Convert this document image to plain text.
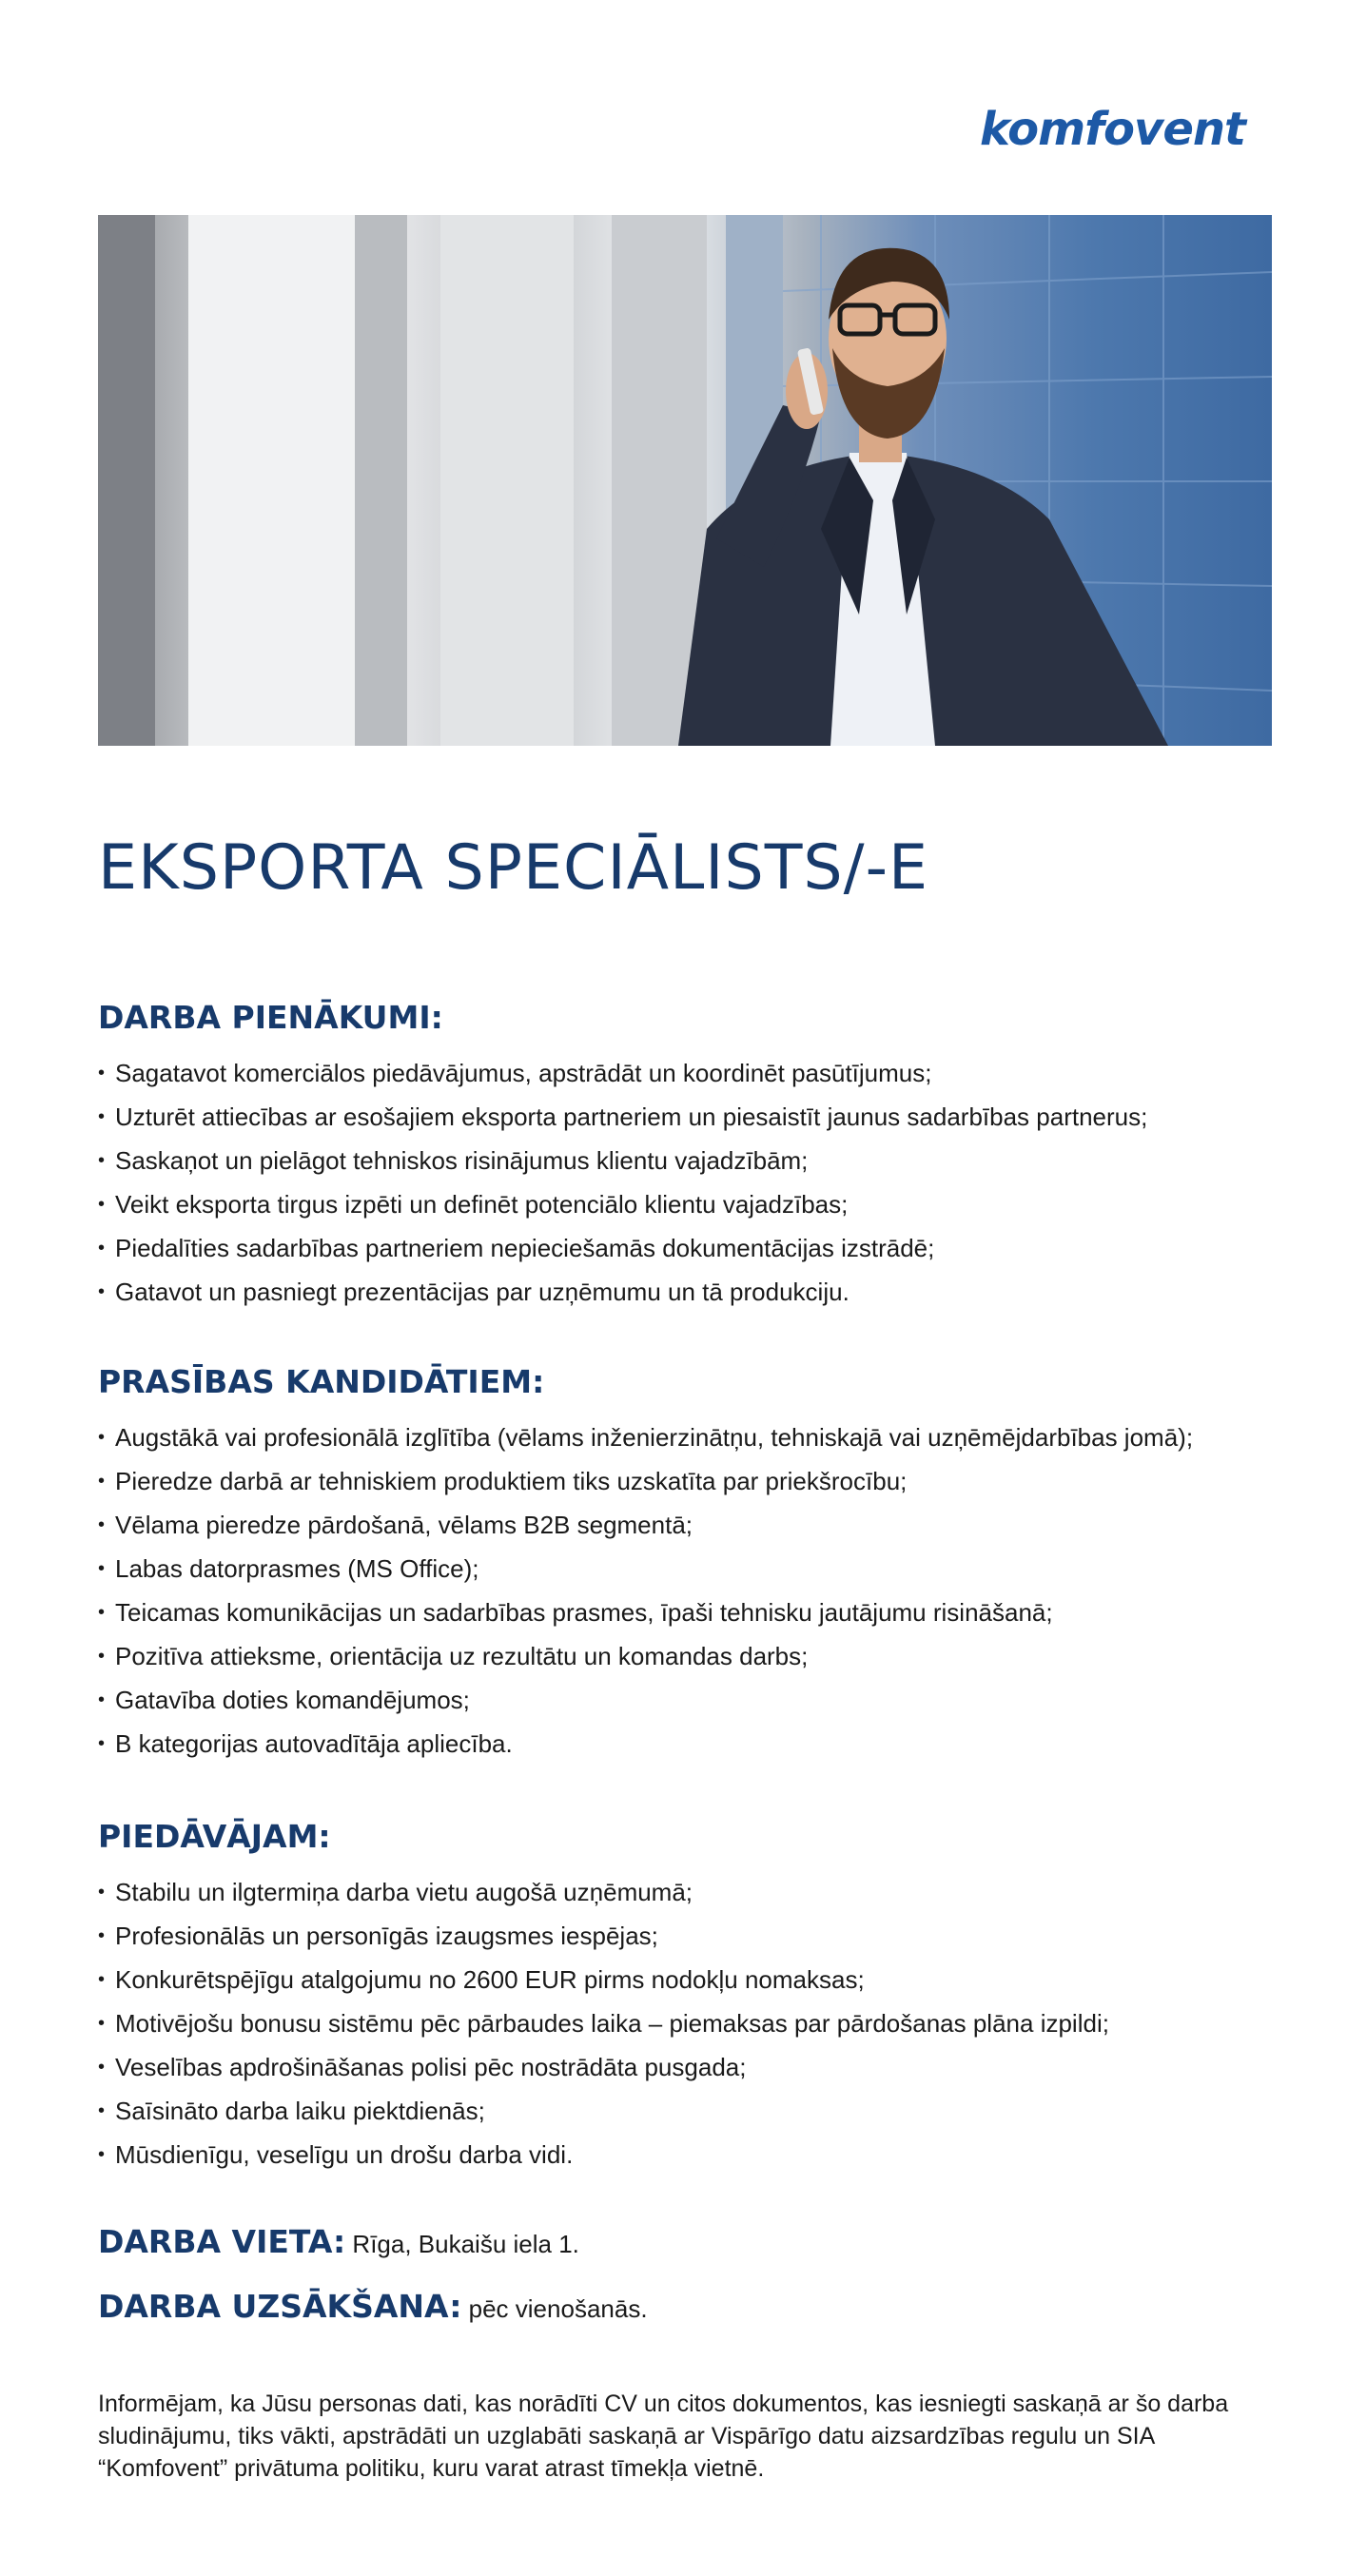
komfovent
EKSPORTA SPECIĀLISTS/-E
DARBA PIENĀKUMI:
• Sagatavot komerciālos piedāvājumus, apstrādāt un koordinēt pasūtījumus;
• Uzturēt attiecības ar esošajiem eksporta partneriem un piesaistīt jaunus sadarbības partnerus;
• Saskaņot un pielāgot tehniskos risinājumus klientu vajadzībām;
• Veikt eksporta tirgus izpēti un definēt potenciālo klientu vajadzības;
• Piedalīties sadarbības partneriem nepieciešamās dokumentācijas izstrādē;
• Gatavot un pasniegt prezentācijas par uzņēmumu un tā produkciju.
PRASĪBAS KANDIDĀTIEM:
• Augstākā vai profesionālā izglītība (vēlams inženierzinātņu, tehniskajā vai uzņēmējdarbības jomā);
• Pieredze darbā ar tehniskiem produktiem tiks uzskatīta par priekšrocību;
• Vēlama pieredze pārdošanā, vēlams B2B segmentā;
• Labas datorprasmes (MS Office);
• Teicamas komunikācijas un sadarbības prasmes, īpaši tehnisku jautājumu risināšanā;
• Pozitīva attieksme, orientācija uz rezultātu un komandas darbs;
• Gatavība doties komandējumos;
• B kategorijas autovadītāja apliecība.
PIEDĀVĀJAM:
• Stabilu un ilgtermiņa darba vietu augošā uzņēmumā;
• Profesionālās un personīgās izaugsmes iespējas;
• Konkurētspējīgu atalgojumu no 2600 EUR pirms nodokļu nomaksas;
• Motivējošu bonusu sistēmu pēc pārbaudes laika – piemaksas par pārdošanas plāna izpildi;
• Veselības apdrošināšanas polisi pēc nostrādāta pusgada;
• Saīsināto darba laiku piektdienās;
• Mūsdienīgu, veselīgu un drošu darba vidi.
DARBA VIETA: Rīga, Bukaišu iela 1.
DARBA UZSĀKŠANA: pēc vienošanās.

Informējam, ka Jūsu personas dati, kas norādīti CV un citos dokumentos, kas iesniegti saskaņā ar šo darba sludinājumu, tiks vākti, apstrādāti un uzglabāti saskaņā ar Vispārīgo datu aizsardzības regulu un SIA “Komfovent” privātuma politiku, kuru varat atrast tīmekļa vietnē.
